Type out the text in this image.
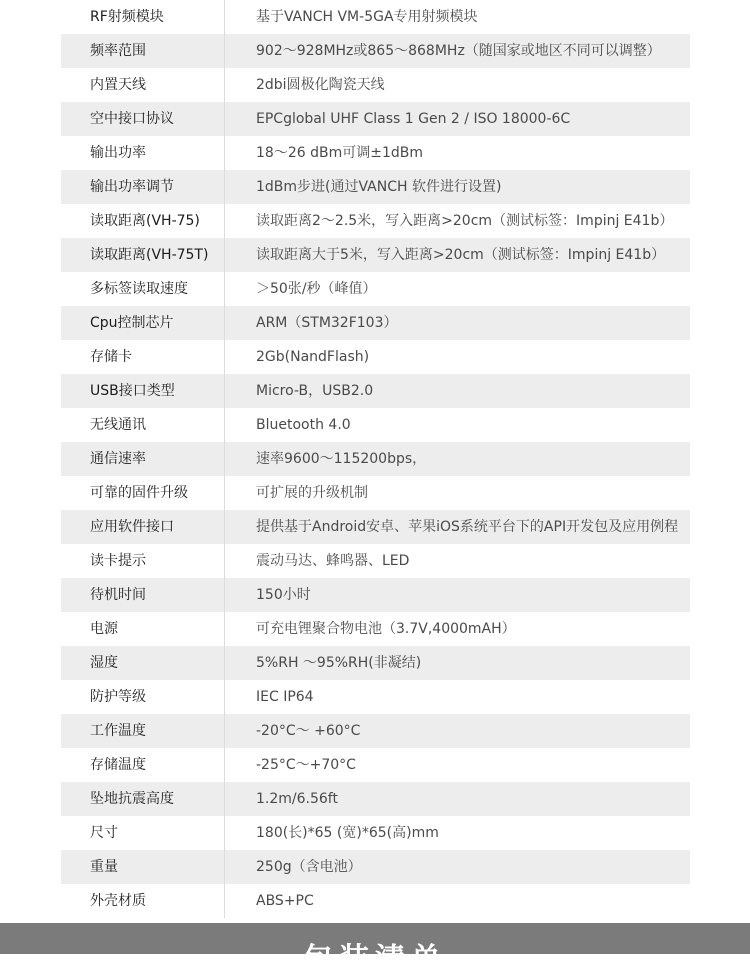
RF射频模块	基于VANCH VM-5GA专用射频模块
频率范围	902～928MHz或865～868MHz（随国家或地区不同可以调整）
内置天线	2dbi圆极化陶瓷天线
空中接口协议	EPCglobal UHF Class 1 Gen 2 / ISO 18000-6C
输出功率	18～26 dBm可调±1dBm
输出功率调节	1dBm步进(通过VANCH 软件进行设置)
读取距离(VH-75)	读取距离2～2.5米，写入距离>20cm（测试标签：Impinj E41b）
读取距离(VH-75T)	读取距离大于5米，写入距离>20cm（测试标签：Impinj E41b）
多标签读取速度	＞50张/秒（峰值）
Cpu控制芯片	ARM（STM32F103）
存储卡	2Gb(NandFlash)
USB接口类型	Micro-B，USB2.0
无线通讯	Bluetooth 4.0
通信速率	速率9600～115200bps，
可靠的固件升级	可扩展的升级机制
应用软件接口	提供基于Android安卓、苹果iOS系统平台下的API开发包及应用例程
读卡提示	震动马达、蜂鸣器、LED
待机时间	150小时
电源	可充电锂聚合物电池（3.7V,4000mAH）
湿度	5%RH ～95%RH(非凝结)
防护等级	IEC IP64
工作温度	-20°C～ +60°C
存储温度	-25°C～+70°C
坠地抗震高度	1.2m/6.56ft
尺寸	180(长)*65 (宽)*65(高)mm
重量	250g（含电池）
外壳材质	ABS+PC
包装清单
